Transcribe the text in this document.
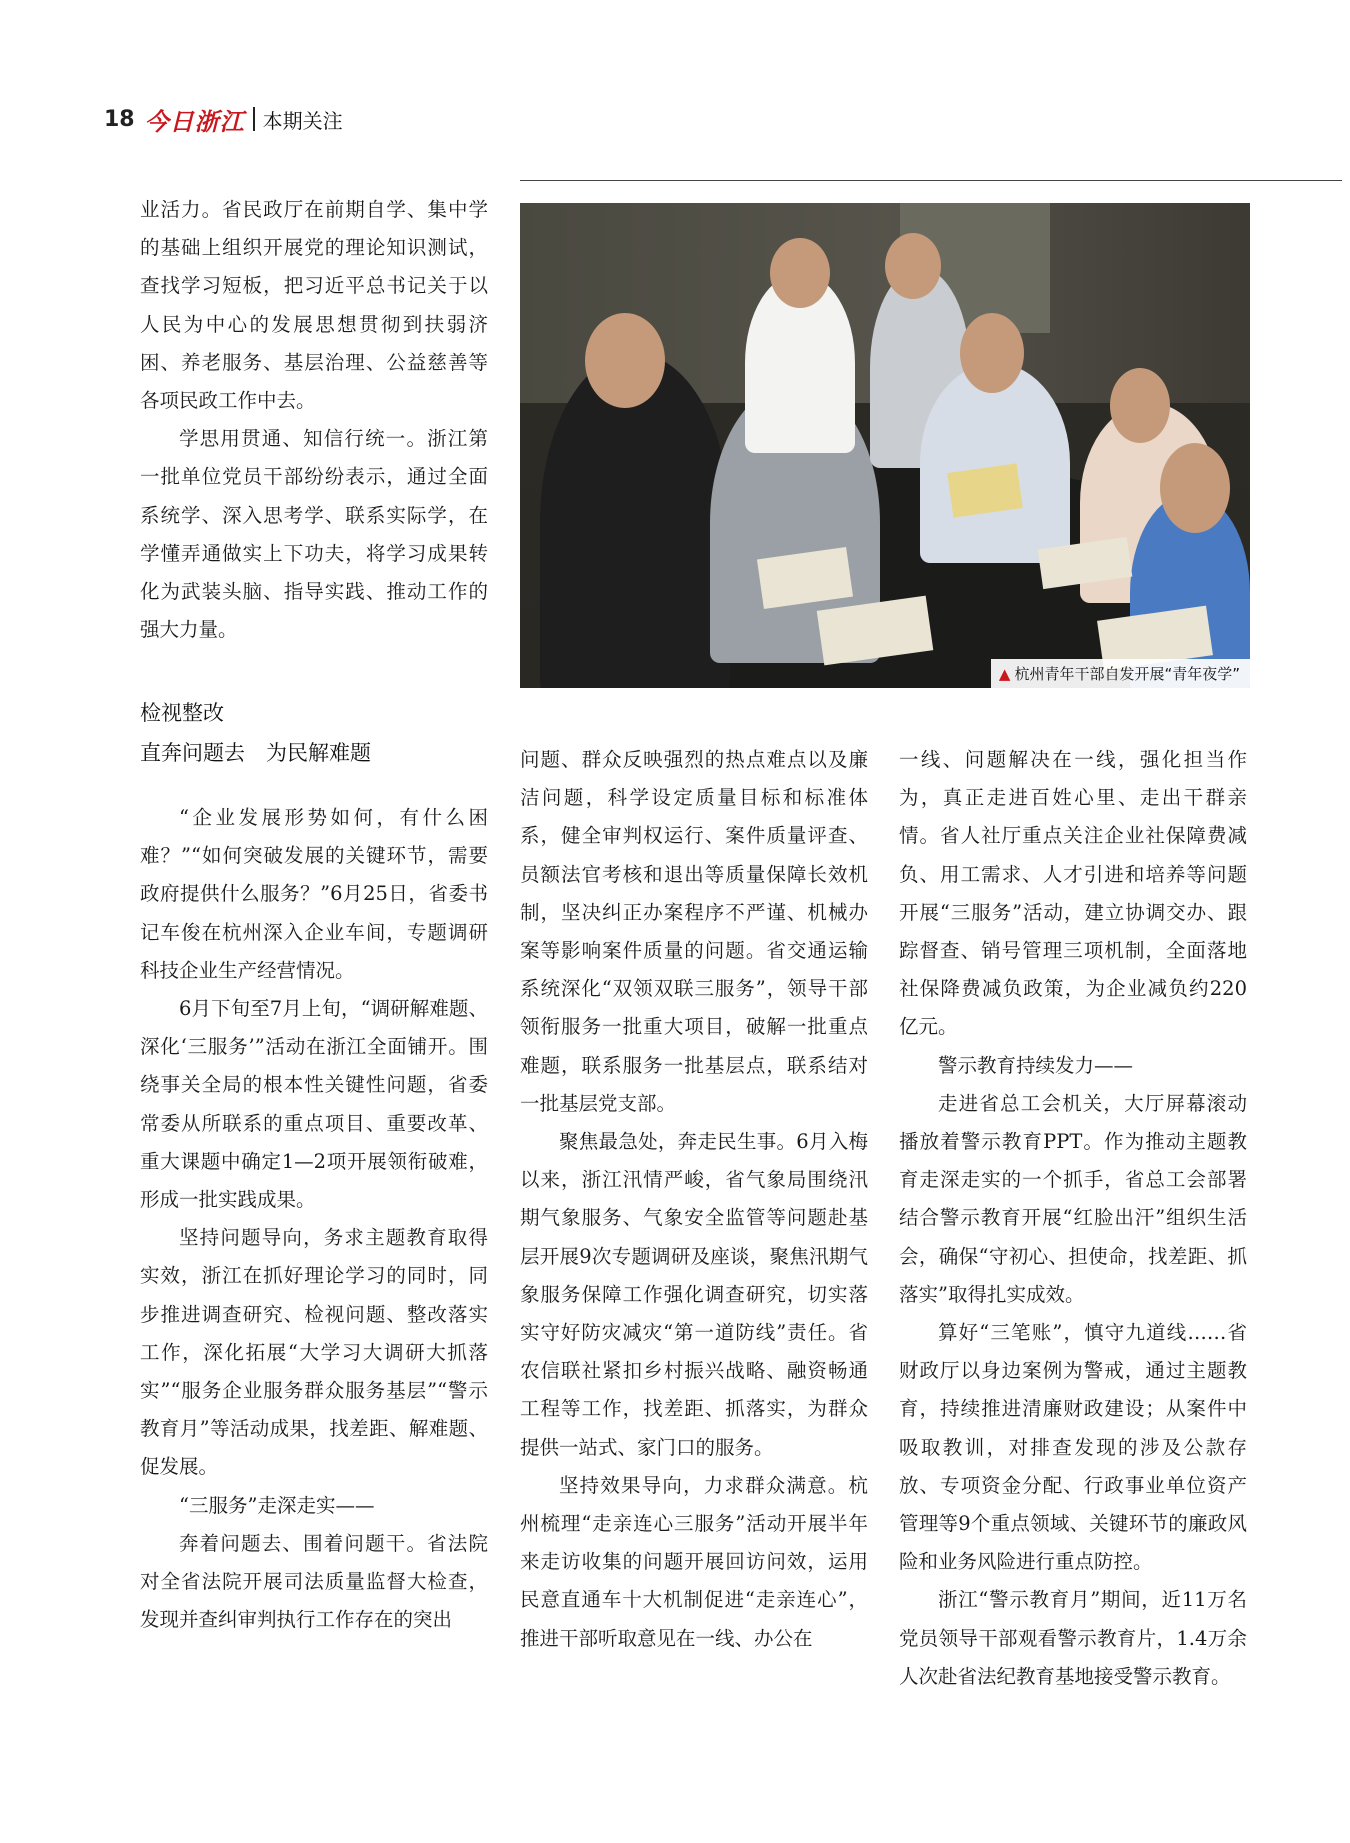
18 今日浙江 本期关注

业活力。省民政厅在前期自学、集中学的基础上组织开展党的理论知识测试，查找学习短板，把习近平总书记关于以人民为中心的发展思想贯彻到扶弱济困、养老服务、基层治理、公益慈善等各项民政工作中去。

学思用贯通、知信行统一。浙江第一批单位党员干部纷纷表示，通过全面系统学、深入思考学、联系实际学，在学懂弄通做实上下功夫，将学习成果转化为武装头脑、指导实践、推动工作的强大力量。

▲ 杭州青年干部自发开展“青年夜学”
检视整改
直奔问题去　为民解难题

“企业发展形势如何，有什么困难？”“如何突破发展的关键环节，需要政府提供什么服务？”6月25日，省委书记车俊在杭州深入企业车间，专题调研科技企业生产经营情况。

6月下旬至7月上旬，“调研解难题、深化‘三服务’”活动在浙江全面铺开。围绕事关全局的根本性关键性问题，省委常委从所联系的重点项目、重要改革、重大课题中确定1—2项开展领衔破难，形成一批实践成果。

坚持问题导向，务求主题教育取得实效，浙江在抓好理论学习的同时，同步推进调查研究、检视问题、整改落实工作，深化拓展“大学习大调研大抓落实”“服务企业服务群众服务基层”“警示教育月”等活动成果，找差距、解难题、促发展。

“三服务”走深走实——

奔着问题去、围着问题干。省法院对全省法院开展司法质量监督大检查，发现并查纠审判执行工作存在的突出

问题、群众反映强烈的热点难点以及廉洁问题，科学设定质量目标和标准体系，健全审判权运行、案件质量评查、员额法官考核和退出等质量保障长效机制，坚决纠正办案程序不严谨、机械办案等影响案件质量的问题。省交通运输系统深化“双领双联三服务”，领导干部领衔服务一批重大项目，破解一批重点难题，联系服务一批基层点，联系结对一批基层党支部。

聚焦最急处，奔走民生事。6月入梅以来，浙江汛情严峻，省气象局围绕汛期气象服务、气象安全监管等问题赴基层开展9次专题调研及座谈，聚焦汛期气象服务保障工作强化调查研究，切实落实守好防灾减灾“第一道防线”责任。省农信联社紧扣乡村振兴战略、融资畅通工程等工作，找差距、抓落实，为群众提供一站式、家门口的服务。

坚持效果导向，力求群众满意。杭州梳理“走亲连心三服务”活动开展半年来走访收集的问题开展回访问效，运用民意直通车十大机制促进“走亲连心”，推进干部听取意见在一线、办公在

一线、问题解决在一线，强化担当作为，真正走进百姓心里、走出干群亲情。省人社厅重点关注企业社保障费减负、用工需求、人才引进和培养等问题开展“三服务”活动，建立协调交办、跟踪督查、销号管理三项机制，全面落地社保降费减负政策，为企业减负约220亿元。

警示教育持续发力——

走进省总工会机关，大厅屏幕滚动播放着警示教育PPT。作为推动主题教育走深走实的一个抓手，省总工会部署结合警示教育开展“红脸出汗”组织生活会，确保“守初心、担使命，找差距、抓落实”取得扎实成效。

算好“三笔账”，慎守九道线……省财政厅以身边案例为警戒，通过主题教育，持续推进清廉财政建设；从案件中吸取教训，对排查发现的涉及公款存放、专项资金分配、行政事业单位资产管理等9个重点领域、关键环节的廉政风险和业务风险进行重点防控。

浙江“警示教育月”期间，近11万名党员领导干部观看警示教育片，1.4万余人次赴省法纪教育基地接受警示教育。
